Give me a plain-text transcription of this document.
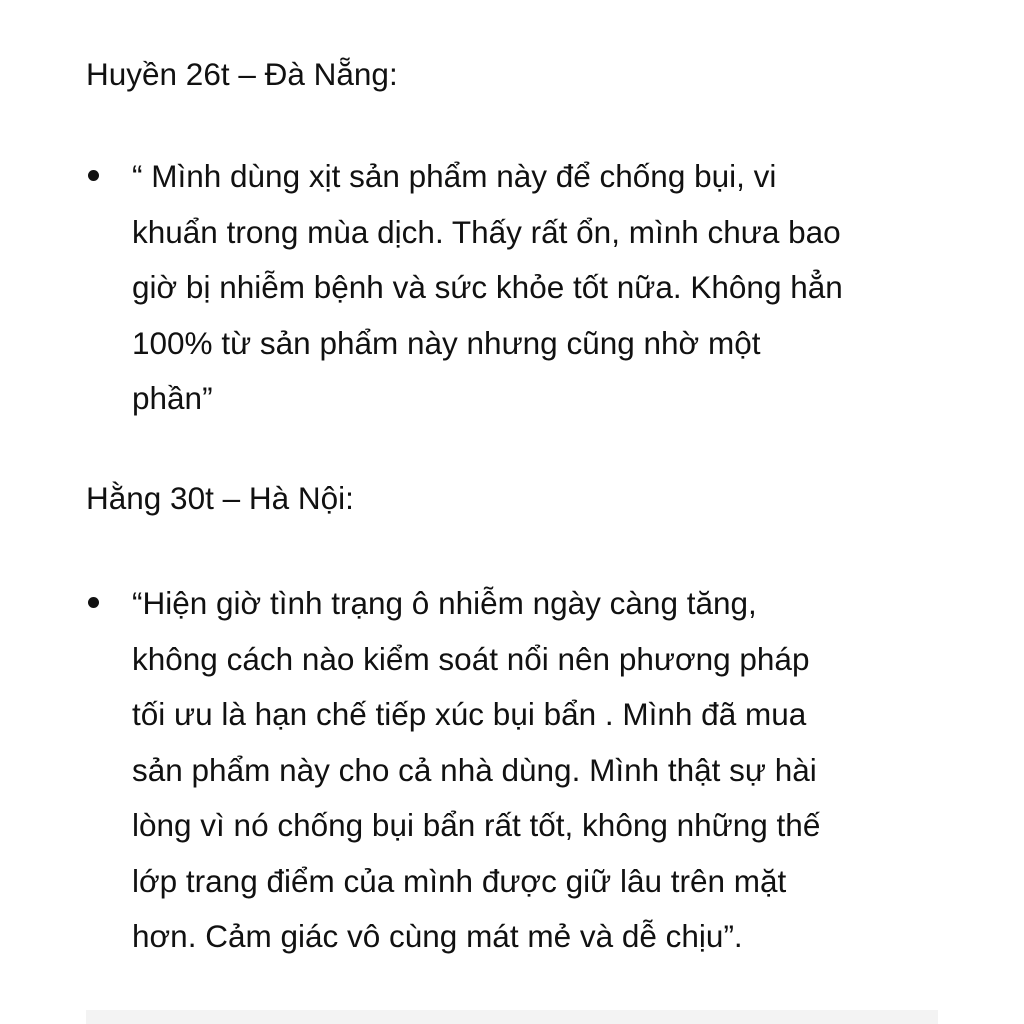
Huyền 26t – Đà Nẵng:
“ Mình dùng xịt sản phẩm này để chống bụi, vi
khuẩn trong mùa dịch. Thấy rất ổn, mình chưa bao
giờ bị nhiễm bệnh và sức khỏe tốt nữa. Không hẳn
100% từ sản phẩm này nhưng cũng nhờ một
phần”
Hằng 30t – Hà Nội:
“Hiện giờ tình trạng ô nhiễm ngày càng tăng,
không cách nào kiểm soát nổi nên phương pháp
tối ưu là hạn chế tiếp xúc bụi bẩn . Mình đã mua
sản phẩm này cho cả nhà dùng. Mình thật sự hài
lòng vì nó chống bụi bẩn rất tốt, không những thế
lớp trang điểm của mình được giữ lâu trên mặt
hơn. Cảm giác vô cùng mát mẻ và dễ chịu”.
